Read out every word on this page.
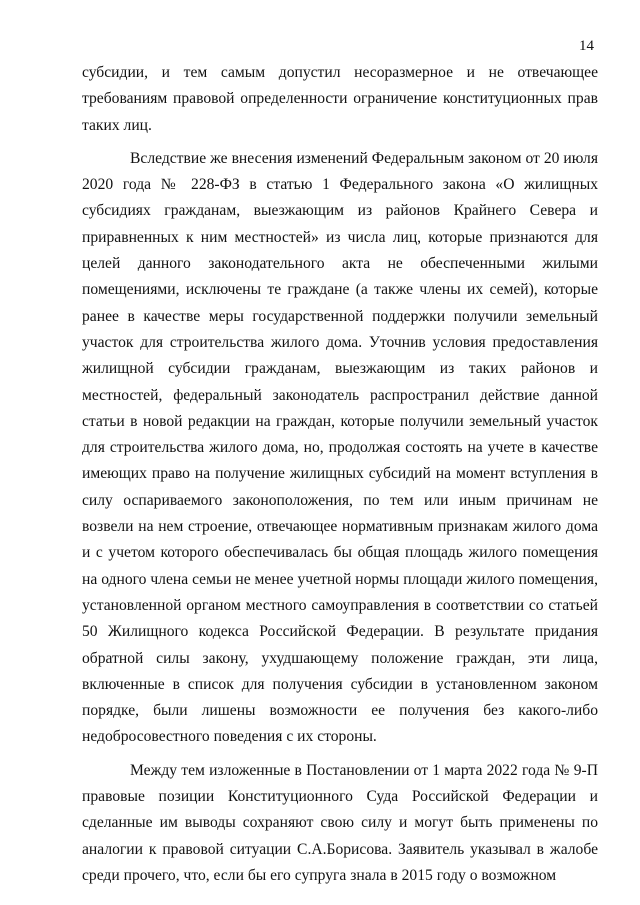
14

субсидии, и тем самым допустил несоразмерное и не отвечающее требованиям правовой определенности ограничение конституционных прав таких лиц.

Вследствие же внесения изменений Федеральным законом от 20 июля 2020 года № 228-ФЗ в статью 1 Федерального закона «О жилищных субсидиях гражданам, выезжающим из районов Крайнего Севера и приравненных к ним местностей» из числа лиц, которые признаются для целей данного законодательного акта не обеспеченными жилыми помещениями, исключены те граждане (а также члены их семей), которые ранее в качестве меры государственной поддержки получили земельный участок для строительства жилого дома. Уточнив условия предоставления жилищной субсидии гражданам, выезжающим из таких районов и местностей, федеральный законодатель распространил действие данной статьи в новой редакции на граждан, которые получили земельный участок для строительства жилого дома, но, продолжая состоять на учете в качестве имеющих право на получение жилищных субсидий на момент вступления в силу оспариваемого законоположения, по тем или иным причинам не возвели на нем строение, отвечающее нормативным признакам жилого дома и с учетом которого обеспечивалась бы общая площадь жилого помещения на одного члена семьи не менее учетной нормы площади жилого помещения, установленной органом местного самоуправления в соответствии со статьей 50 Жилищного кодекса Российской Федерации. В результате придания обратной силы закону, ухудшающему положение граждан, эти лица, включенные в список для получения субсидии в установленном законом порядке, были лишены возможности ее получения без какого-либо недобросовестного поведения с их стороны.

Между тем изложенные в Постановлении от 1 марта 2022 года № 9-П правовые позиции Конституционного Суда Российской Федерации и сделанные им выводы сохраняют свою силу и могут быть применены по аналогии к правовой ситуации С.А.Борисова. Заявитель указывал в жалобе среди прочего, что, если бы его супруга знала в 2015 году о возможном
